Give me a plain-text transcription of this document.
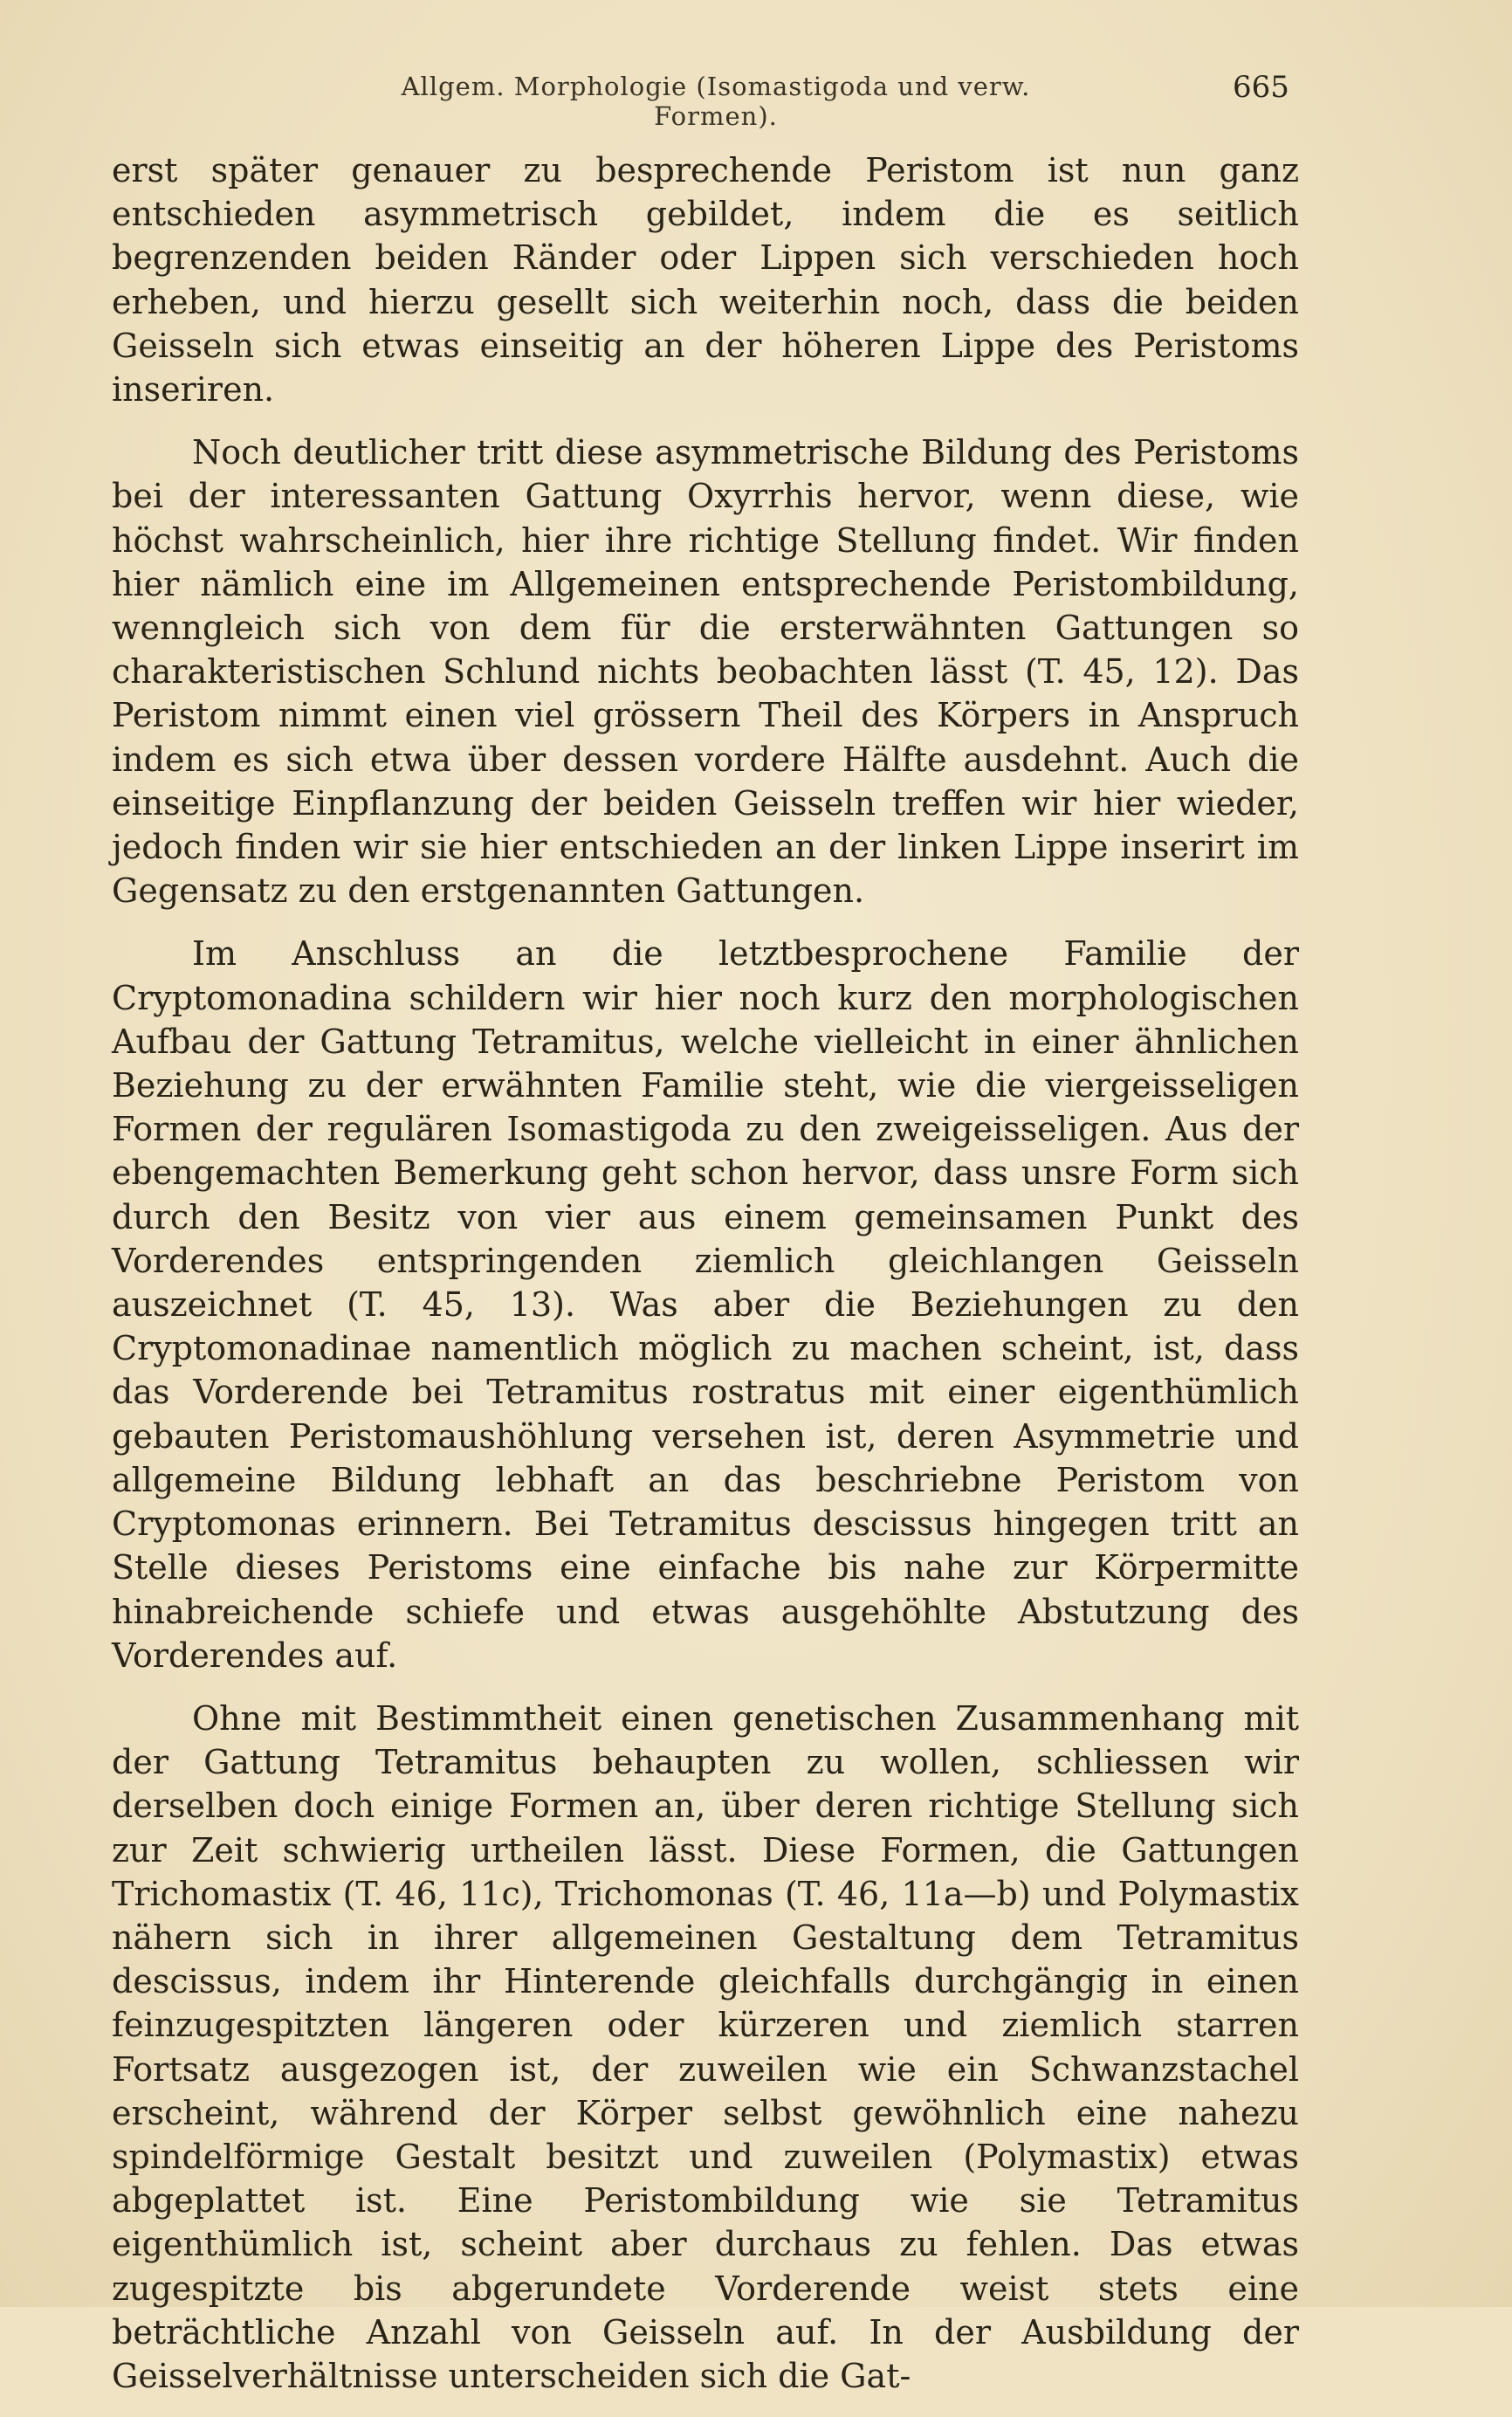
Allgem. Morphologie (Isomastigoda und verw. Formen).
665

erst später genauer zu besprechende Peristom ist nun ganz entschieden asymmetrisch gebildet, indem die es seitlich begrenzenden beiden Ränder oder Lippen sich verschieden hoch erheben, und hierzu gesellt sich weiterhin noch, dass die beiden Geisseln sich etwas einseitig an der höheren Lippe des Peristoms inseriren.

Noch deutlicher tritt diese asymmetrische Bildung des Peristoms bei der interessanten Gattung Oxyrrhis hervor, wenn diese, wie höchst wahrscheinlich, hier ihre richtige Stellung findet. Wir finden hier nämlich eine im Allgemeinen entsprechende Peristombildung, wenngleich sich von dem für die ersterwähnten Gattungen so charakteristischen Schlund nichts beobachten lässt (T. 45, 12). Das Peristom nimmt einen viel grössern Theil des Körpers in Anspruch indem es sich etwa über dessen vordere Hälfte ausdehnt. Auch die einseitige Einpflanzung der beiden Geisseln treffen wir hier wieder, jedoch finden wir sie hier entschieden an der linken Lippe inserirt im Gegensatz zu den erstgenannten Gattungen.

Im Anschluss an die letztbesprochene Familie der Cryptomonadina schildern wir hier noch kurz den morphologischen Aufbau der Gattung Tetramitus, welche vielleicht in einer ähnlichen Beziehung zu der erwähnten Familie steht, wie die viergeisseligen Formen der regulären Isomastigoda zu den zweigeisseligen. Aus der ebengemachten Bemerkung geht schon hervor, dass unsre Form sich durch den Besitz von vier aus einem gemeinsamen Punkt des Vorderendes entspringenden ziemlich gleichlangen Geisseln auszeichnet (T. 45, 13). Was aber die Beziehungen zu den Cryptomonadinae namentlich möglich zu machen scheint, ist, dass das Vorderende bei Tetramitus rostratus mit einer eigenthümlich gebauten Peristomaushöhlung versehen ist, deren Asymmetrie und allgemeine Bildung lebhaft an das beschriebne Peristom von Cryptomonas erinnern. Bei Tetramitus descissus hingegen tritt an Stelle dieses Peristoms eine einfache bis nahe zur Körpermitte hinabreichende schiefe und etwas ausgehöhlte Abstutzung des Vorderendes auf.

Ohne mit Bestimmtheit einen genetischen Zusammenhang mit der Gattung Tetramitus behaupten zu wollen, schliessen wir derselben doch einige Formen an, über deren richtige Stellung sich zur Zeit schwierig urtheilen lässt. Diese Formen, die Gattungen Trichomastix (T. 46, 11c), Trichomonas (T. 46, 11a—b) und Polymastix nähern sich in ihrer allgemeinen Gestaltung dem Tetramitus descissus, indem ihr Hinterende gleichfalls durchgängig in einen feinzugespitzten längeren oder kürzeren und ziemlich starren Fortsatz ausgezogen ist, der zuweilen wie ein Schwanzstachel erscheint, während der Körper selbst gewöhnlich eine nahezu spindelförmige Gestalt besitzt und zuweilen (Polymastix) etwas abgeplattet ist. Eine Peristombildung wie sie Tetramitus eigenthümlich ist, scheint aber durchaus zu fehlen. Das etwas zugespitzte bis abgerundete Vorderende weist stets eine beträchtliche Anzahl von Geisseln auf. In der Ausbildung der Geisselverhältnisse unterscheiden sich die Gat-
